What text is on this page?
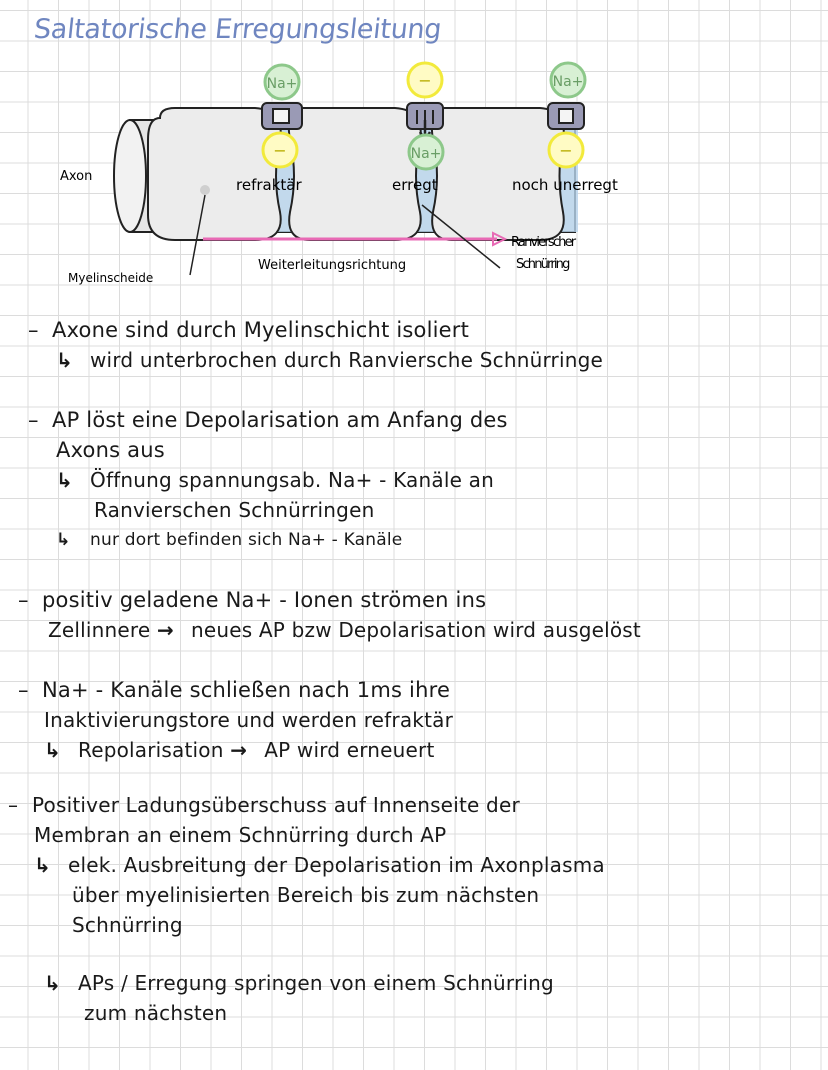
Saltatorische Erregungsleitung
Na+	−	Na+
−	Na+	−
Axon	refraktär	erregt	noch unerregt
Myelinscheide
Weiterleitungsrichtung
Ranvierscher Schnürring
– Axone sind durch Myelinschicht isoliert
↳ wird unterbrochen durch Ranviersche Schnürringe
– AP löst eine Depolarisation am Anfang des
Axons aus
↳ Öffnung spannungsab. Na+ - Kanäle an
Ranvierschen Schnürringen
↳ nur dort befinden sich Na+ - Kanäle
– positiv geladene Na+ - Ionen strömen ins
Zellinnere → neues AP bzw Depolarisation wird ausgelöst
– Na+ - Kanäle schließen nach 1ms ihre
Inaktivierungstore und werden refraktär
↳ Repolarisation → AP wird erneuert
– Positiver Ladungsüberschuss auf Innenseite der
Membran an einem Schnürring durch AP
↳ elek. Ausbreitung der Depolarisation im Axonplasma
über myelinisierten Bereich bis zum nächsten
Schnürring
↳ APs / Erregung springen von einem Schnürring
zum nächsten
